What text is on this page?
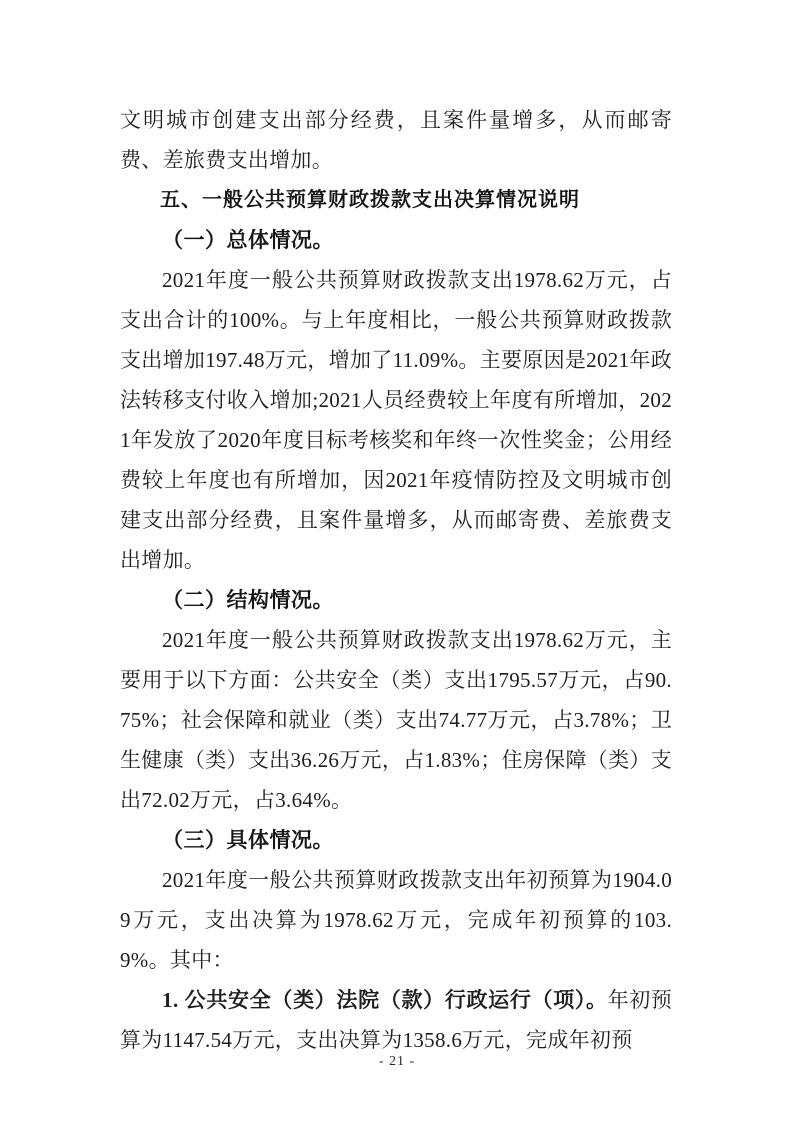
文明城市创建支出部分经费，且案件量增多，从而邮寄费、差旅费支出增加。

五、一般公共预算财政拨款支出决算情况说明

（一）总体情况。

2021年度一般公共预算财政拨款支出1978.62万元，占支出合计的100%。与上年度相比，一般公共预算财政拨款支出增加197.48万元，增加了11.09%。主要原因是2021年政法转移支付收入增加;2021人员经费较上年度有所增加，2021年发放了2020年度目标考核奖和年终一次性奖金；公用经费较上年度也有所增加，因2021年疫情防控及文明城市创建支出部分经费，且案件量增多，从而邮寄费、差旅费支出增加。

（二）结构情况。

2021年度一般公共预算财政拨款支出1978.62万元，主要用于以下方面：公共安全（类）支出1795.57万元，占90.75%；社会保障和就业（类）支出74.77万元，占3.78%；卫生健康（类）支出36.26万元，占1.83%；住房保障（类）支出72.02万元，占3.64%。

（三）具体情况。

2021年度一般公共预算财政拨款支出年初预算为1904.09万元，支出决算为1978.62万元，完成年初预算的103.9%。其中：

1. 公共安全（类）法院（款）行政运行（项）。年初预算为1147.54万元，支出决算为1358.6万元，完成年初预

- 21 -
